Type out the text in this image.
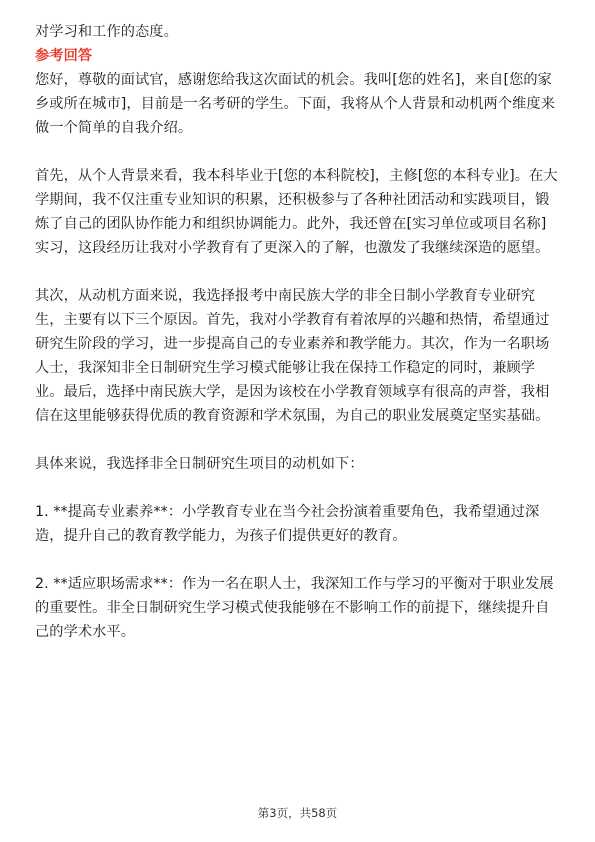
对学习和工作的态度。
参考回答
您好，尊敬的面试官，感谢您给我这次面试的机会。我叫[您的姓名]，来自[您的家
乡或所在城市]，目前是一名考研的学生。下面，我将从个人背景和动机两个维度来
做一个简单的自我介绍。
首先，从个人背景来看，我本科毕业于[您的本科院校]，主修[您的本科专业]。在大
学期间，我不仅注重专业知识的积累，还积极参与了各种社团活动和实践项目，锻
炼了自己的团队协作能力和组织协调能力。此外，我还曾在[实习单位或项目名称]
实习，这段经历让我对小学教育有了更深入的了解，也激发了我继续深造的愿望。
其次，从动机方面来说，我选择报考中南民族大学的非全日制小学教育专业研究
生，主要有以下三个原因。首先，我对小学教育有着浓厚的兴趣和热情，希望通过
研究生阶段的学习，进一步提高自己的专业素养和教学能力。其次，作为一名职场
人士，我深知非全日制研究生学习模式能够让我在保持工作稳定的同时，兼顾学
业。最后，选择中南民族大学，是因为该校在小学教育领域享有很高的声誉，我相
信在这里能够获得优质的教育资源和学术氛围，为自己的职业发展奠定坚实基础。
具体来说，我选择非全日制研究生项目的动机如下：
1. **提高专业素养**：小学教育专业在当今社会扮演着重要角色，我希望通过深
造，提升自己的教育教学能力，为孩子们提供更好的教育。
2. **适应职场需求**：作为一名在职人士，我深知工作与学习的平衡对于职业发展
的重要性。非全日制研究生学习模式使我能够在不影响工作的前提下，继续提升自
己的学术水平。
第3页，共58页
